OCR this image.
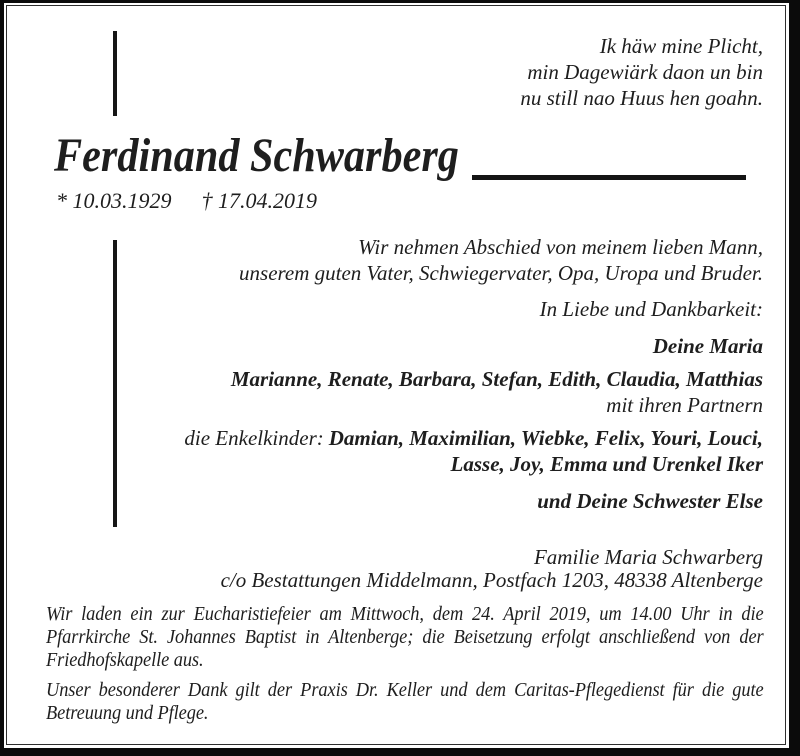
Ik häw mine Plicht,
min Dagewiärk daon un bin
nu still nao Huus hen goahn.
Ferdinand Schwarberg
* 10.03.1929 † 17.04.2019
Wir nehmen Abschied von meinem lieben Mann,
unserem guten Vater, Schwiegervater, Opa, Uropa und Bruder.
In Liebe und Dankbarkeit:
Deine Maria
Marianne, Renate, Barbara, Stefan, Edith, Claudia, Matthias
mit ihren Partnern
die Enkelkinder: Damian, Maximilian, Wiebke, Felix, Youri, Louci,
Lasse, Joy, Emma und Urenkel Iker
und Deine Schwester Else
Familie Maria Schwarberg
c/o Bestattungen Middelmann, Postfach 1203, 48338 Altenberge

Wir laden ein zur Eucharistiefeier am Mittwoch, dem 24. April 2019, um 14.00 Uhr in die Pfarrkirche St. Johannes Baptist in Altenberge; die Beisetzung erfolgt anschließend von der Friedhofskapelle aus.

Unser besonderer Dank gilt der Praxis Dr. Keller und dem Caritas-Pflegedienst für die gute Betreuung und Pflege.
